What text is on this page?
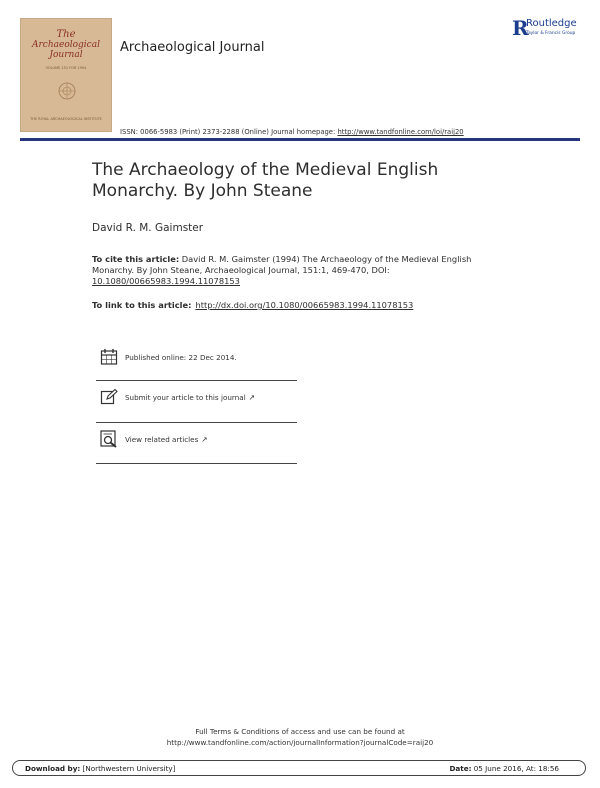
The
Archaeological
Journal
VOLUME 151 FOR 1994
THE ROYAL ARCHAEOLOGICAL INSTITUTE
Archaeological Journal
R
Routledge
Taylor & Francis Group
ISSN: 0066-5983 (Print) 2373-2288 (Online) Journal homepage: http://www.tandfonline.com/loi/raij20
The Archaeology of the Medieval English Monarchy. By John Steane
David R. M. Gaimster
To cite this article: David R. M. Gaimster (1994) The Archaeology of the Medieval English Monarchy. By John Steane, Archaeological Journal, 151:1, 469-470, DOI: 10.1080/00665983.1994.11078153
To link to this article: http://dx.doi.org/10.1080/00665983.1994.11078153
Published online: 22 Dec 2014.
Submit your article to this journal ↗
View related articles ↗
Full Terms & Conditions of access and use can be found at
http://www.tandfonline.com/action/journalInformation?journalCode=raij20
Download by: [Northwestern University]	Date: 05 June 2016, At: 18:56
